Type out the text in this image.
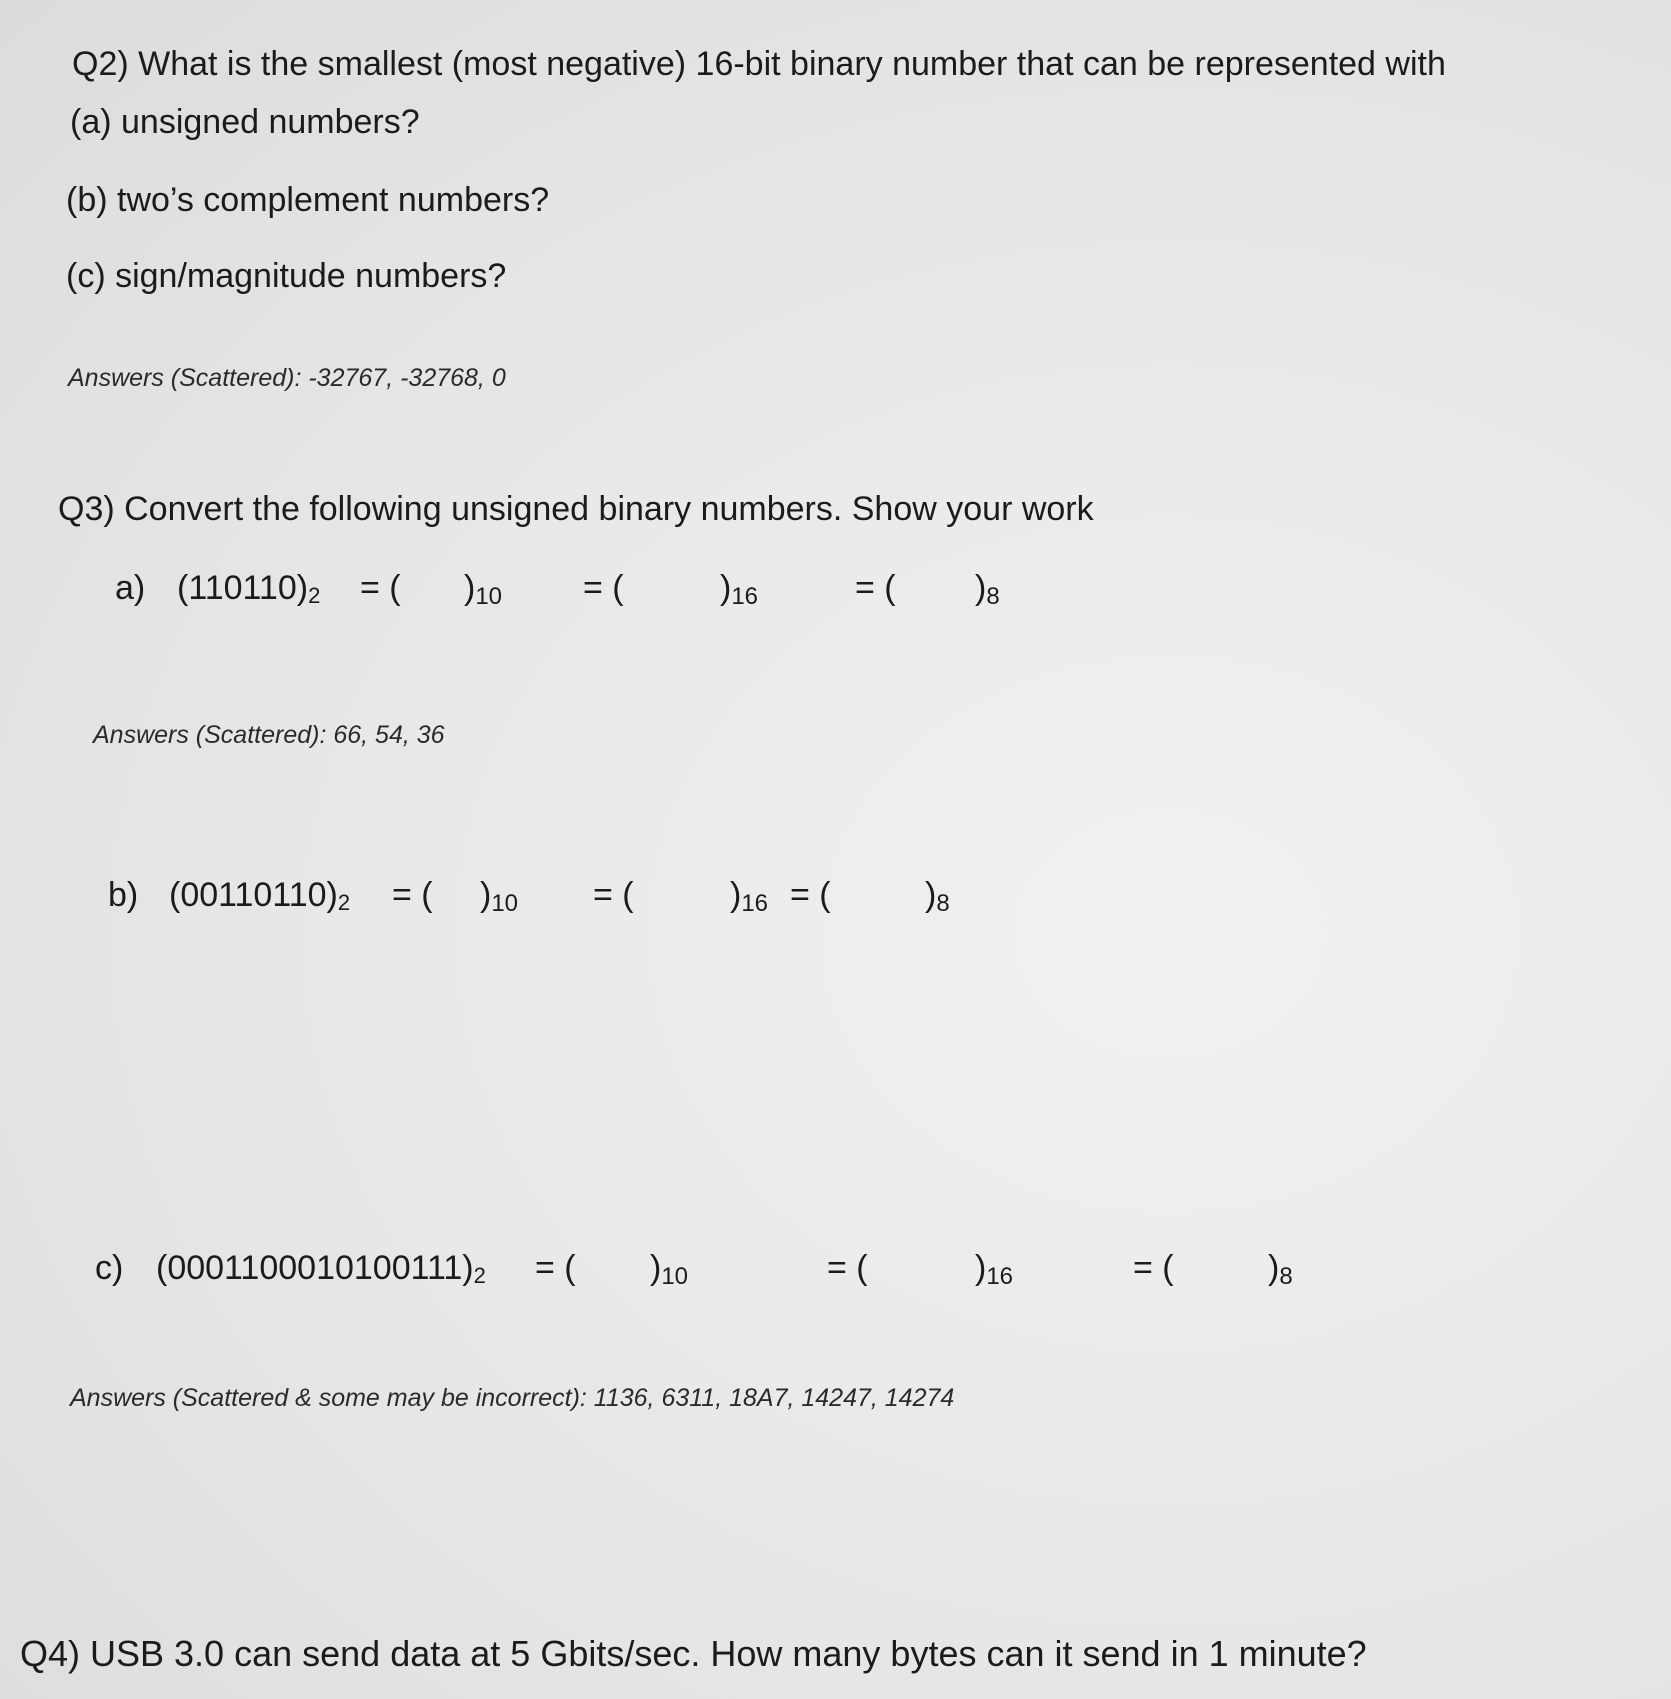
Q2) What is the smallest (most negative) 16-bit binary number that can be represented with
(a) unsigned numbers?
(b) two’s complement numbers?
(c) sign/magnitude numbers?
Answers (Scattered): -32767, -32768, 0
Q3) Convert the following unsigned binary numbers. Show your work
a) $(110110)_2$ = ( )10 = (	)16	= ( )8
Answers (Scattered): 66, 54, 36
b) $(00110110)_2$ = ( )10 = (	)16 = (	)8
c) $(0001100010100111)_2$ = ( )10	= (	)16	= (	)8
Answers (Scattered & some may be incorrect): 1136, 6311, 18A7, 14247, 14274
Q4) USB 3.0 can send data at 5 Gbits/sec. How many bytes can it send in 1 minute?
